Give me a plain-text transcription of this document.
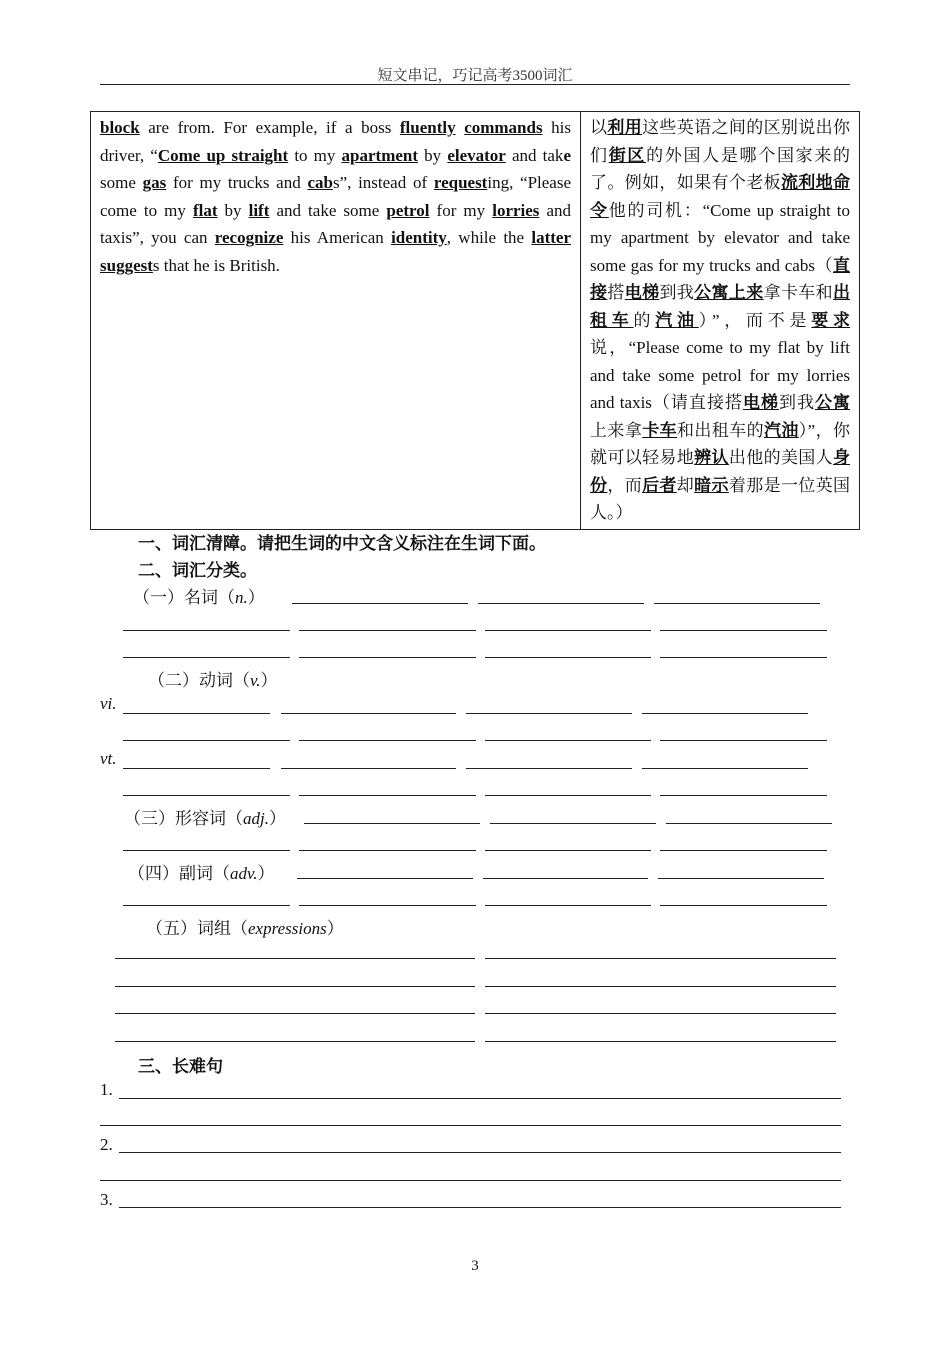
短文串记，巧记高考3500词汇
block are from. For example, if a boss fluently commands his driver, “Come up straight to my apartment by elevator and take some gas for my trucks and cabs”, instead of requesting, “Please come to my flat by lift and take some petrol for my lorries and taxis”, you can recognize his American identity, while the latter suggests that he is British.	以利用这些英语之间的区别说出你们街区的外国人是哪个国家来的了。例如，如果有个老板流利地命令他的司机：“Come up straight to my apartment by elevator and take some gas for my trucks and cabs（直接搭电梯到我公寓上来拿卡车和出租车的汽油）”，而不是要求说，“Please come to my flat by lift and take some petrol for my lorries and taxis（请直接搭电梯到我公寓上来拿卡车和出租车的汽油）”，你就可以轻易地辨认出他的美国人身份，而后者却暗示着那是一位英国人。）
一、词汇清障。请把生词的中文含义标注在生词下面。
二、词汇分类。
（一）名词（n.）
（二）动词（v.）
vi.
vt.
（三）形容词（adj.）
（四）副词（adv.）
（五）词组（expressions）
三、长难句
1.
2.
3.
3
